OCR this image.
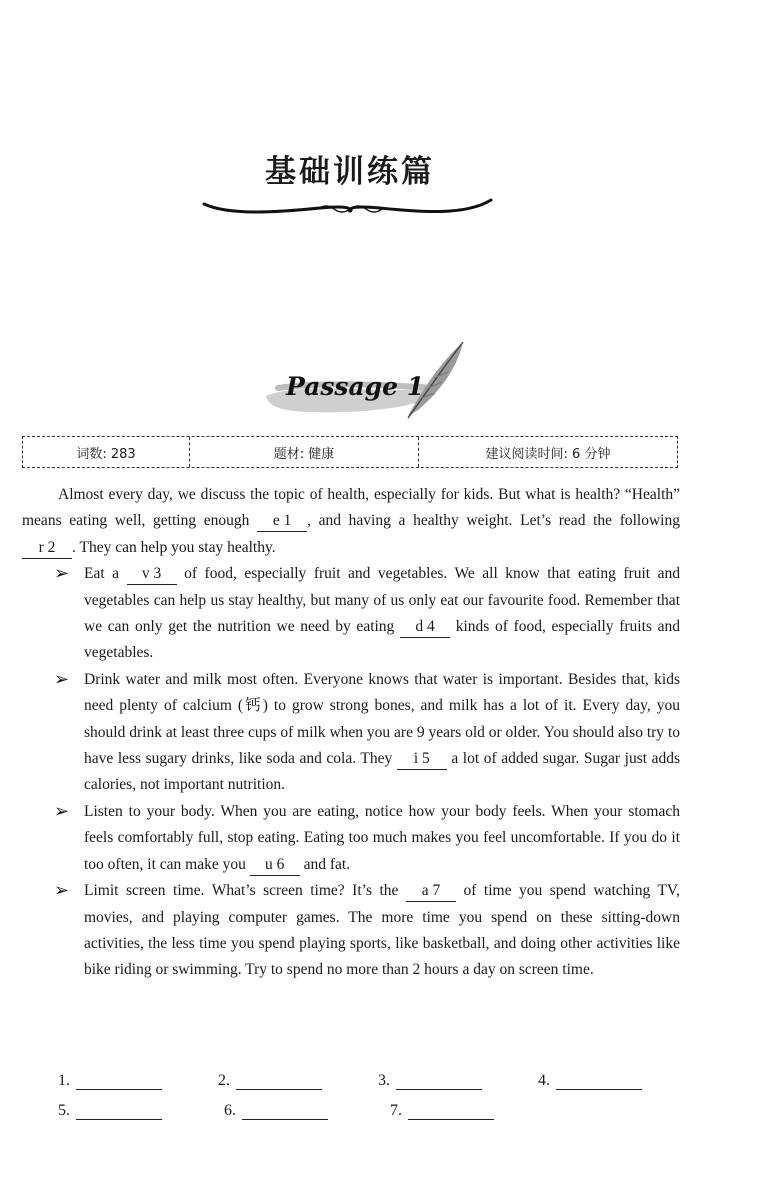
基础训练篇
Passage 1
词数: 283	题材: 健康	建议阅读时间: 6 分钟

Almost every day, we discuss the topic of health, especially for kids. But what is health? “Health” means eating well, getting enough e 1, and having a healthy weight. Let’s read the following r 2. They can help you stay healthy.

➢ Eat a v 3 of food, especially fruit and vegetables. We all know that eating fruit and vegetables can help us stay healthy, but many of us only eat our favourite food. Remember that we can only get the nutrition we need by eating d 4 kinds of food, especially fruits and vegetables.
➢ Drink water and milk most often. Everyone knows that water is important. Besides that, kids need plenty of calcium (钙) to grow strong bones, and milk has a lot of it. Every day, you should drink at least three cups of milk when you are 9 years old or older. You should also try to have less sugary drinks, like soda and cola. They i 5 a lot of added sugar. Sugar just adds calories, not important nutrition.
➢ Listen to your body. When you are eating, notice how your body feels. When your stomach feels comfortably full, stop eating. Eating too much makes you feel uncomfortable. If you do it too often, it can make you u 6 and fat.
➢ Limit screen time. What’s screen time? It’s the a 7 of time you spend watching TV, movies, and playing computer games. The more time you spend on these sitting-down activities, the less time you spend playing sports, like basketball, and doing other activities like bike riding or swimming. Try to spend no more than 2 hours a day on screen time.
1.	2.	3.	4.
5.	6.	7.
